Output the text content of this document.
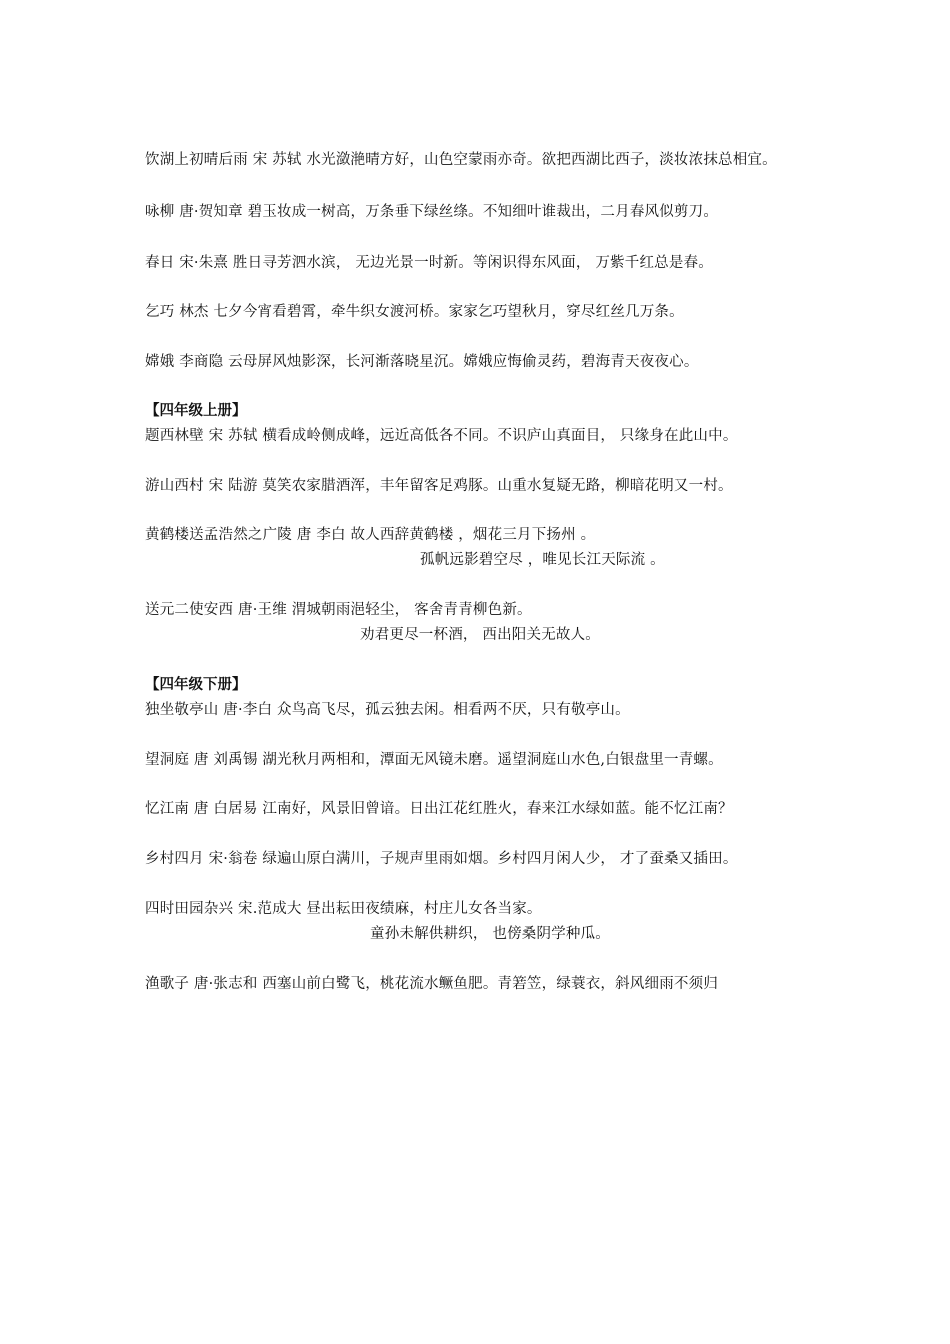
饮湖上初晴后雨 宋 苏轼 水光潋滟晴方好，山色空蒙雨亦奇。欲把西湖比西子，淡妆浓抹总相宜。
咏柳 唐·贺知章 碧玉妆成一树高，万条垂下绿丝绦。不知细叶谁裁出，二月春风似剪刀。
春日 宋·朱熹 胜日寻芳泗水滨， 无边光景一时新。等闲识得东风面， 万紫千红总是春。
乞巧 林杰 七夕今宵看碧霄，牵牛织女渡河桥。家家乞巧望秋月，穿尽红丝几万条。
嫦娥 李商隐 云母屏风烛影深，长河渐落晓星沉。嫦娥应悔偷灵药，碧海青天夜夜心。
【四年级上册】
题西林壁 宋 苏轼 横看成岭侧成峰，远近高低各不同。不识庐山真面目， 只缘身在此山中。
游山西村 宋 陆游 莫笑农家腊酒浑，丰年留客足鸡豚。山重水复疑无路，柳暗花明又一村。
黄鹤楼送孟浩然之广陵 唐 李白 故人西辞黄鹤楼 ，烟花三月下扬州 。
孤帆远影碧空尽 ，唯见长江天际流 。
送元二使安西 唐·王维 渭城朝雨浥轻尘， 客舍青青柳色新。
劝君更尽一杯酒， 西出阳关无故人。
【四年级下册】
独坐敬亭山 唐·李白 众鸟高飞尽，孤云独去闲。相看两不厌，只有敬亭山。
望洞庭 唐 刘禹锡 湖光秋月两相和，潭面无风镜未磨。遥望洞庭山水色,白银盘里一青螺。
忆江南 唐 白居易 江南好，风景旧曾谙。日出江花红胜火，春来江水绿如蓝。能不忆江南？
乡村四月 宋·翁卷 绿遍山原白满川，子规声里雨如烟。乡村四月闲人少， 才了蚕桑又插田。
四时田园杂兴 宋.范成大 昼出耘田夜绩麻，村庄儿女各当家。
童孙未解供耕织， 也傍桑阴学种瓜。
渔歌子 唐·张志和 西塞山前白鹭飞，桃花流水鳜鱼肥。青箬笠，绿蓑衣，斜风细雨不须归
